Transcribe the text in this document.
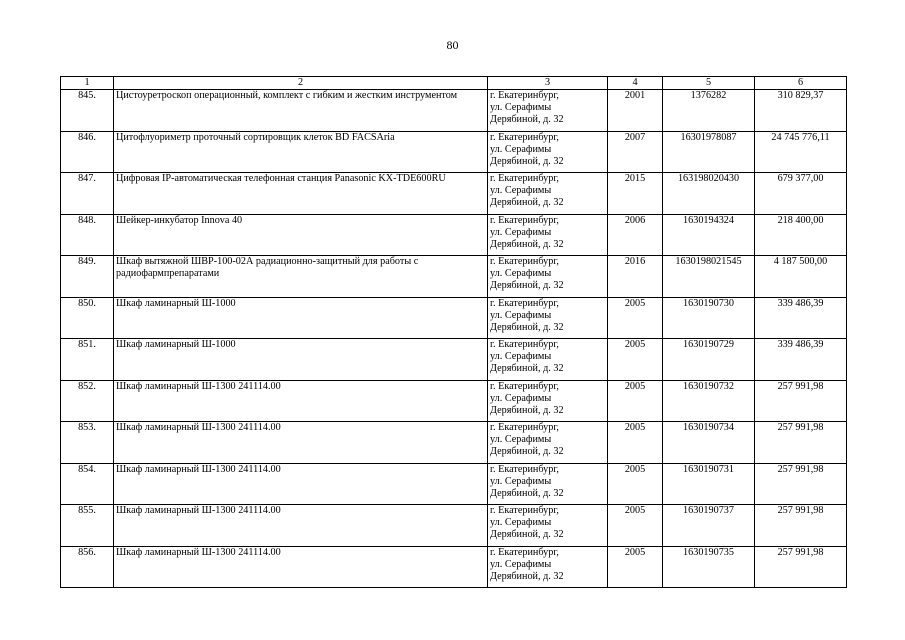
80
1	2	3	4	5	6
845.	Цистоуретроскоп операционный, комплект с гибким и жестким инструментом	г. Екатеринбург,
ул. Серафимы
Дерябиной, д. 32	2001	1376282	310 829,37
846.	Цитофлуориметр проточный сортировщик клеток BD FACSAria	г. Екатеринбург,
ул. Серафимы
Дерябиной, д. 32	2007	16301978087	24 745 776,11
847.	Цифровая IP-автоматическая телефонная станция Panasonic KX-TDE600RU	г. Екатеринбург,
ул. Серафимы
Дерябиной, д. 32	2015	163198020430	679 377,00
848.	Шейкер-инкубатор Innova 40	г. Екатеринбург,
ул. Серафимы
Дерябиной, д. 32	2006	1630194324	218 400,00
849.	Шкаф вытяжной ШВР-100-02А радиационно-защитный для работы с радиофармпрепаратами	г. Екатеринбург,
ул. Серафимы
Дерябиной, д. 32	2016	1630198021545	4 187 500,00
850.	Шкаф ламинарный Ш-1000	г. Екатеринбург,
ул. Серафимы
Дерябиной, д. 32	2005	1630190730	339 486,39
851.	Шкаф ламинарный Ш-1000	г. Екатеринбург,
ул. Серафимы
Дерябиной, д. 32	2005	1630190729	339 486,39
852.	Шкаф ламинарный Ш-1300 241114.00	г. Екатеринбург,
ул. Серафимы
Дерябиной, д. 32	2005	1630190732	257 991,98
853.	Шкаф ламинарный Ш-1300 241114.00	г. Екатеринбург,
ул. Серафимы
Дерябиной, д. 32	2005	1630190734	257 991,98
854.	Шкаф ламинарный Ш-1300 241114.00	г. Екатеринбург,
ул. Серафимы
Дерябиной, д. 32	2005	1630190731	257 991,98
855.	Шкаф ламинарный Ш-1300 241114.00	г. Екатеринбург,
ул. Серафимы
Дерябиной, д. 32	2005	1630190737	257 991,98
856.	Шкаф ламинарный Ш-1300 241114.00	г. Екатеринбург,
ул. Серафимы
Дерябиной, д. 32	2005	1630190735	257 991,98
